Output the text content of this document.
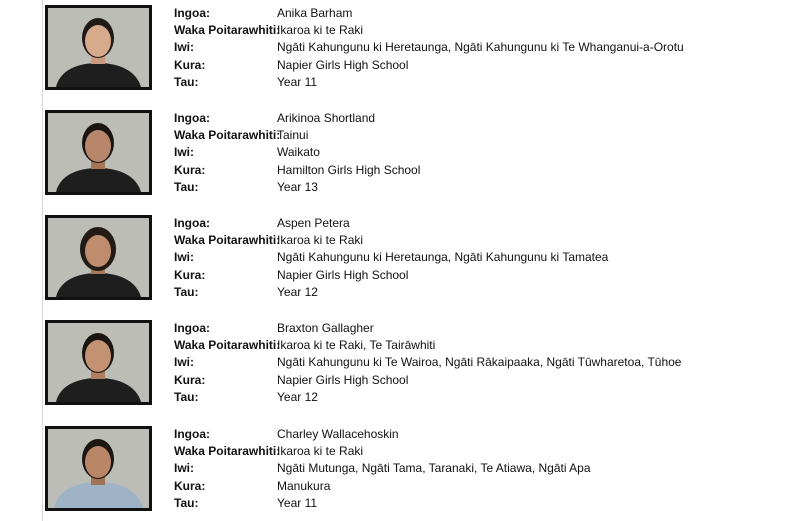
Ingoa:	Anika Barham
Waka Poitarawhiti:
Ikaroa ki te Raki
Iwi:	Ngāti Kahungunu ki Heretaunga, Ngāti Kahungunu ki Te Whanganui-a-Orotu
Kura:	Napier Girls High School
Tau:	Year 11
Ingoa:	Arikinoa Shortland
Waka Poitarawhiti:
Tainui
Iwi:	Waikato
Kura:	Hamilton Girls High School
Tau:	Year 13
Ingoa:	Aspen Petera
Waka Poitarawhiti:
Ikaroa ki te Raki
Iwi:	Ngāti Kahungunu ki Heretaunga, Ngāti Kahungunu ki Tamatea
Kura:	Napier Girls High School
Tau:	Year 12
Ingoa:	Braxton Gallagher
Waka Poitarawhiti:
Ikaroa ki te Raki, Te Tairāwhiti
Iwi:	Ngāti Kahungunu ki Te Wairoa, Ngāti Rākaipaaka, Ngāti Tūwharetoa, Tūhoe
Kura:	Napier Girls High School
Tau:	Year 12
Ingoa:	Charley Wallacehoskin
Waka Poitarawhiti:
Ikaroa ki te Raki
Iwi:	Ngāti Mutunga, Ngāti Tama, Taranaki, Te Atiawa, Ngāti Apa
Kura:	Manukura
Tau:	Year 11
